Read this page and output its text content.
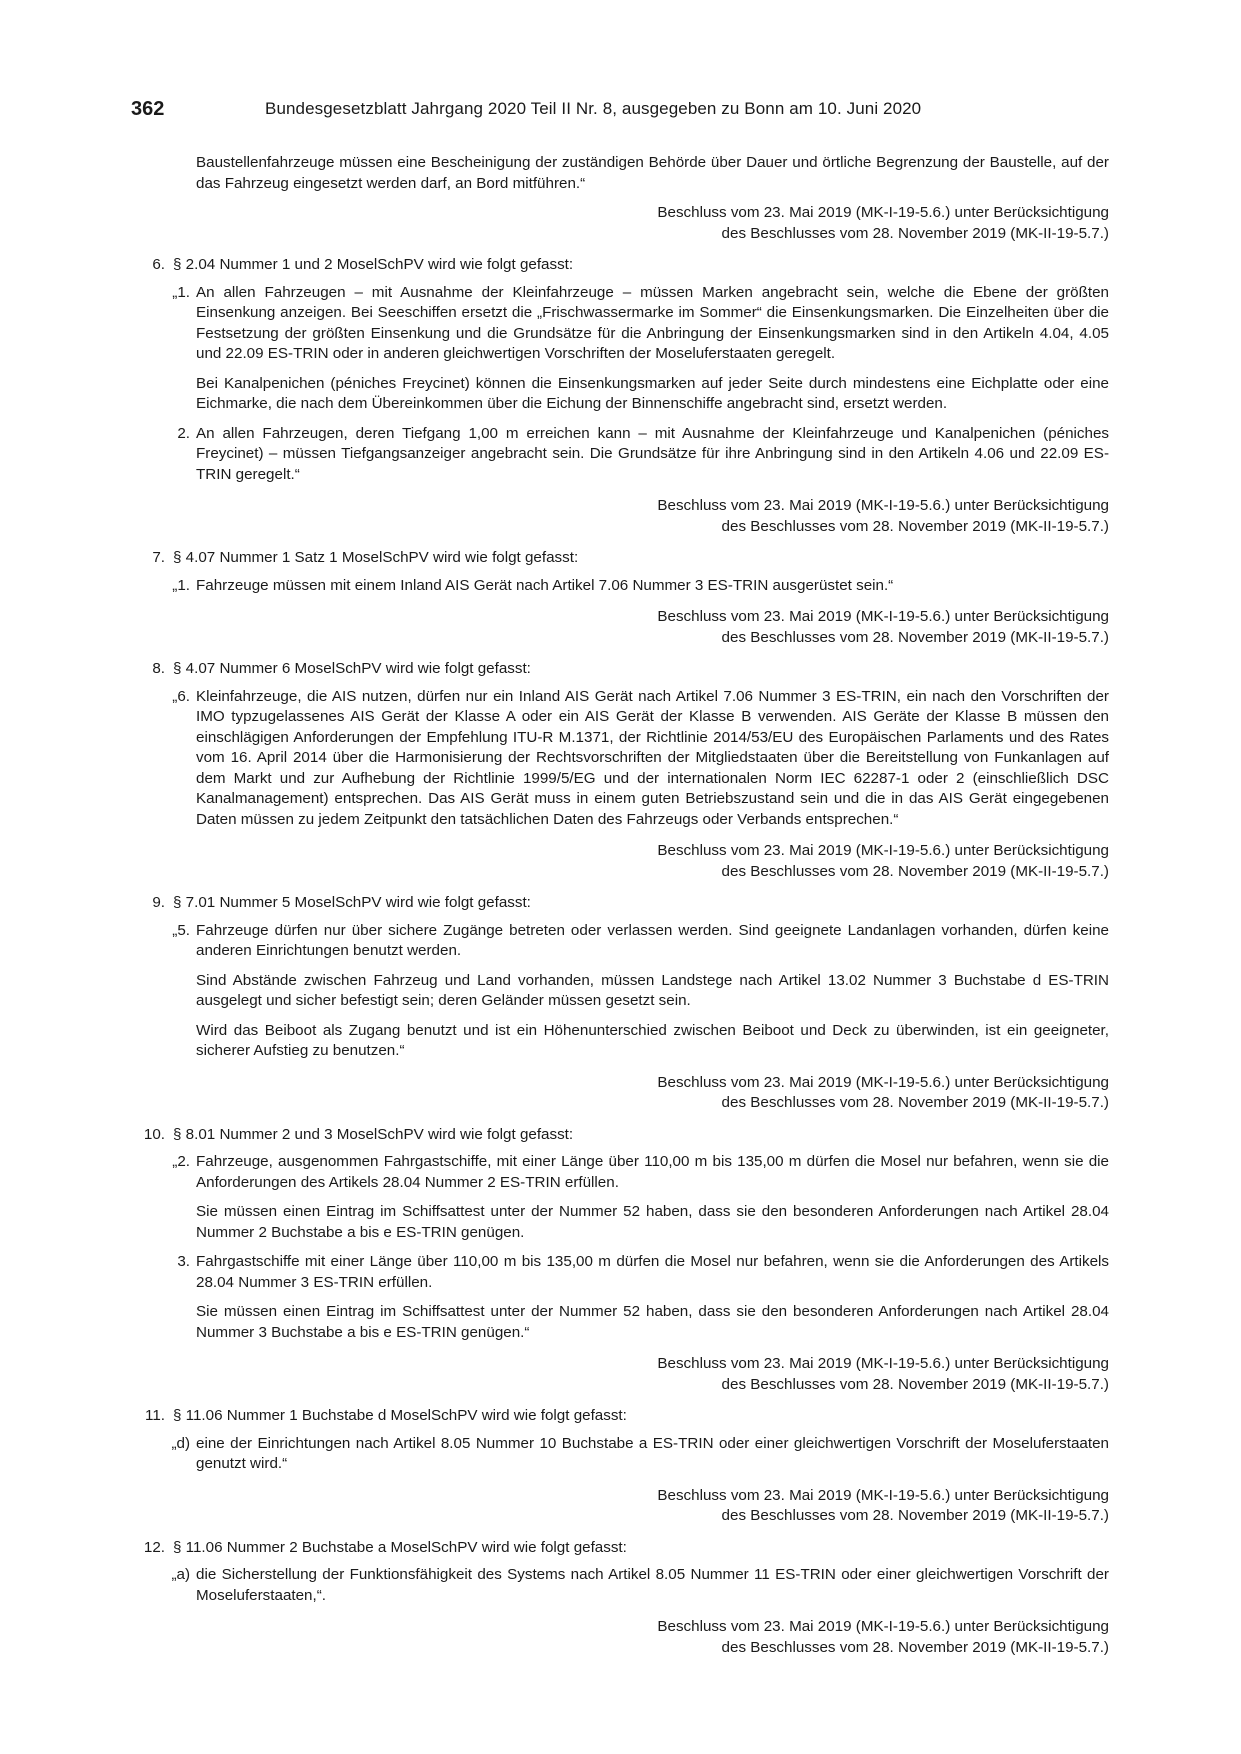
362	Bundesgesetzblatt Jahrgang 2020 Teil II Nr. 8, ausgegeben zu Bonn am 10. Juni 2020

Baustellenfahrzeuge müssen eine Bescheinigung der zuständigen Behörde über Dauer und örtliche Begrenzung der Baustelle, auf der das Fahrzeug eingesetzt werden darf, an Bord mitführen.“

Beschluss vom 23. Mai 2019 (MK-I-19-5.6.) unter Berücksichtigung
des Beschlusses vom 28. November 2019 (MK-II-19-5.7.)
6. § 2.04 Nummer 1 und 2 MoselSchPV wird wie folgt gefasst:
„1. An allen Fahrzeugen – mit Ausnahme der Kleinfahrzeuge – müssen Marken angebracht sein, welche die Ebene der größten Einsenkung anzeigen. Bei Seeschiffen ersetzt die „Frischwassermarke im Sommer“ die Einsenkungsmarken. Die Einzelheiten über die Festsetzung der größten Einsenkung und die Grundsätze für die Anbringung der Einsenkungsmarken sind in den Artikeln 4.04, 4.05 und 22.09 ES-TRIN oder in anderen gleichwertigen Vorschriften der Moseluferstaaten geregelt.

Bei Kanalpenichen (péniches Freycinet) können die Einsenkungsmarken auf jeder Seite durch mindestens eine Eichplatte oder eine Eichmarke, die nach dem Übereinkommen über die Eichung der Binnenschiffe angebracht sind, ersetzt werden.

2. An allen Fahrzeugen, deren Tiefgang 1,00 m erreichen kann – mit Ausnahme der Kleinfahrzeuge und Kanalpenichen (péniches Freycinet) – müssen Tiefgangsanzeiger angebracht sein. Die Grundsätze für ihre Anbringung sind in den Artikeln 4.06 und 22.09 ES-TRIN geregelt.“
Beschluss vom 23. Mai 2019 (MK-I-19-5.6.) unter Berücksichtigung
des Beschlusses vom 28. November 2019 (MK-II-19-5.7.)
7. § 4.07 Nummer 1 Satz 1 MoselSchPV wird wie folgt gefasst:
„1. Fahrzeuge müssen mit einem Inland AIS Gerät nach Artikel 7.06 Nummer 3 ES-TRIN ausgerüstet sein.“
Beschluss vom 23. Mai 2019 (MK-I-19-5.6.) unter Berücksichtigung
des Beschlusses vom 28. November 2019 (MK-II-19-5.7.)
8. § 4.07 Nummer 6 MoselSchPV wird wie folgt gefasst:
„6. Kleinfahrzeuge, die AIS nutzen, dürfen nur ein Inland AIS Gerät nach Artikel 7.06 Nummer 3 ES-TRIN, ein nach den Vorschriften der IMO typzugelassenes AIS Gerät der Klasse A oder ein AIS Gerät der Klasse B verwenden. AIS Geräte der Klasse B müssen den einschlägigen Anforderungen der Empfehlung ITU-R M.1371, der Richtlinie 2014/53/EU des Europäischen Parlaments und des Rates vom 16. April 2014 über die Harmonisierung der Rechtsvorschriften der Mitgliedstaaten über die Bereitstellung von Funkanlagen auf dem Markt und zur Aufhebung der Richtlinie 1999/5/EG und der internationalen Norm IEC 62287-1 oder 2 (einschließlich DSC Kanalmanagement) entsprechen. Das AIS Gerät muss in einem guten Betriebszustand sein und die in das AIS Gerät eingegebenen Daten müssen zu jedem Zeitpunkt den tatsächlichen Daten des Fahrzeugs oder Verbands entsprechen.“
Beschluss vom 23. Mai 2019 (MK-I-19-5.6.) unter Berücksichtigung
des Beschlusses vom 28. November 2019 (MK-II-19-5.7.)
9. § 7.01 Nummer 5 MoselSchPV wird wie folgt gefasst:
„5. Fahrzeuge dürfen nur über sichere Zugänge betreten oder verlassen werden. Sind geeignete Landanlagen vorhanden, dürfen keine anderen Einrichtungen benutzt werden.

Sind Abstände zwischen Fahrzeug und Land vorhanden, müssen Landstege nach Artikel 13.02 Nummer 3 Buchstabe d ES-TRIN ausgelegt und sicher befestigt sein; deren Geländer müssen gesetzt sein.

Wird das Beiboot als Zugang benutzt und ist ein Höhenunterschied zwischen Beiboot und Deck zu überwinden, ist ein geeigneter, sicherer Aufstieg zu benutzen.“

Beschluss vom 23. Mai 2019 (MK-I-19-5.6.) unter Berücksichtigung
des Beschlusses vom 28. November 2019 (MK-II-19-5.7.)
10. § 8.01 Nummer 2 und 3 MoselSchPV wird wie folgt gefasst:
„2. Fahrzeuge, ausgenommen Fahrgastschiffe, mit einer Länge über 110,00 m bis 135,00 m dürfen die Mosel nur befahren, wenn sie die Anforderungen des Artikels 28.04 Nummer 2 ES-TRIN erfüllen.

Sie müssen einen Eintrag im Schiffsattest unter der Nummer 52 haben, dass sie den besonderen Anforderungen nach Artikel 28.04 Nummer 2 Buchstabe a bis e ES-TRIN genügen.

3. Fahrgastschiffe mit einer Länge über 110,00 m bis 135,00 m dürfen die Mosel nur befahren, wenn sie die Anforderungen des Artikels 28.04 Nummer 3 ES-TRIN erfüllen.

Sie müssen einen Eintrag im Schiffsattest unter der Nummer 52 haben, dass sie den besonderen Anforderungen nach Artikel 28.04 Nummer 3 Buchstabe a bis e ES-TRIN genügen.“

Beschluss vom 23. Mai 2019 (MK-I-19-5.6.) unter Berücksichtigung
des Beschlusses vom 28. November 2019 (MK-II-19-5.7.)
11. § 11.06 Nummer 1 Buchstabe d MoselSchPV wird wie folgt gefasst:
„d) eine der Einrichtungen nach Artikel 8.05 Nummer 10 Buchstabe a ES-TRIN oder einer gleichwertigen Vorschrift der Moseluferstaaten genutzt wird.“
Beschluss vom 23. Mai 2019 (MK-I-19-5.6.) unter Berücksichtigung
des Beschlusses vom 28. November 2019 (MK-II-19-5.7.)
12. § 11.06 Nummer 2 Buchstabe a MoselSchPV wird wie folgt gefasst:
„a) die Sicherstellung der Funktionsfähigkeit des Systems nach Artikel 8.05 Nummer 11 ES-TRIN oder einer gleichwertigen Vorschrift der Moseluferstaaten,“.
Beschluss vom 23. Mai 2019 (MK-I-19-5.6.) unter Berücksichtigung
des Beschlusses vom 28. November 2019 (MK-II-19-5.7.)
